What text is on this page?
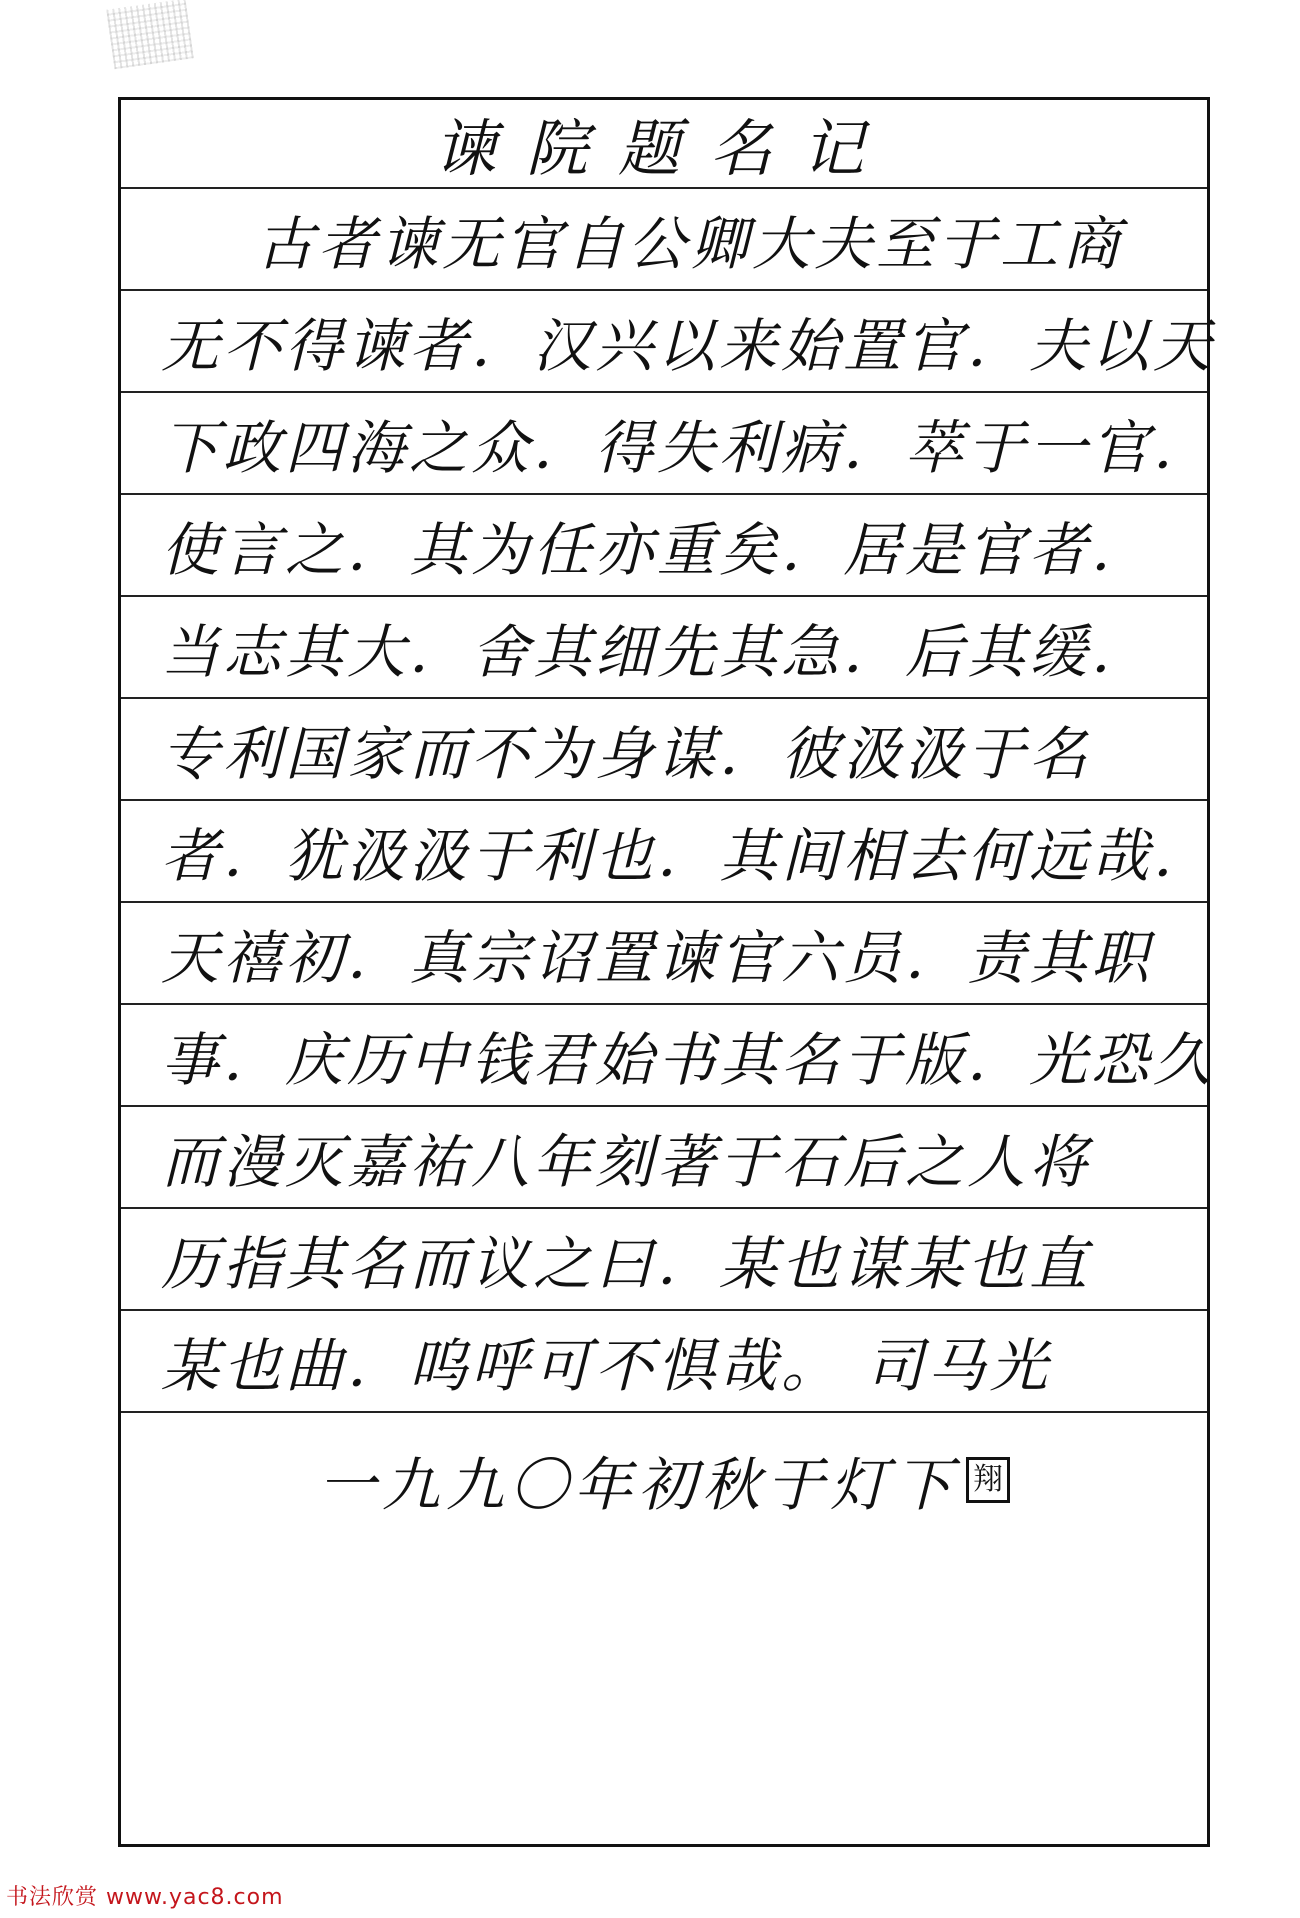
谏院题名记
古者谏无官自公卿大夫至于工商
无不得谏者．汉兴以来始置官．夫以天
下政四海之众．得失利病．萃于一官．
使言之．其为任亦重矣．居是官者．
当志其大．舍其细先其急．后其缓．
专利国家而不为身谋．彼汲汲于名
者．犹汲汲于利也．其间相去何远哉．
天禧初．真宗诏置谏官六员．责其职
事．庆历中钱君始书其名于版．光恐久
而漫灭嘉祐八年刻著于石后之人将
历指其名而议之曰．某也谋某也直
某也曲．呜呼可不惧哉。 司马光
一九九〇年初秋于灯下 翔
书法欣赏 www.yac8.com
